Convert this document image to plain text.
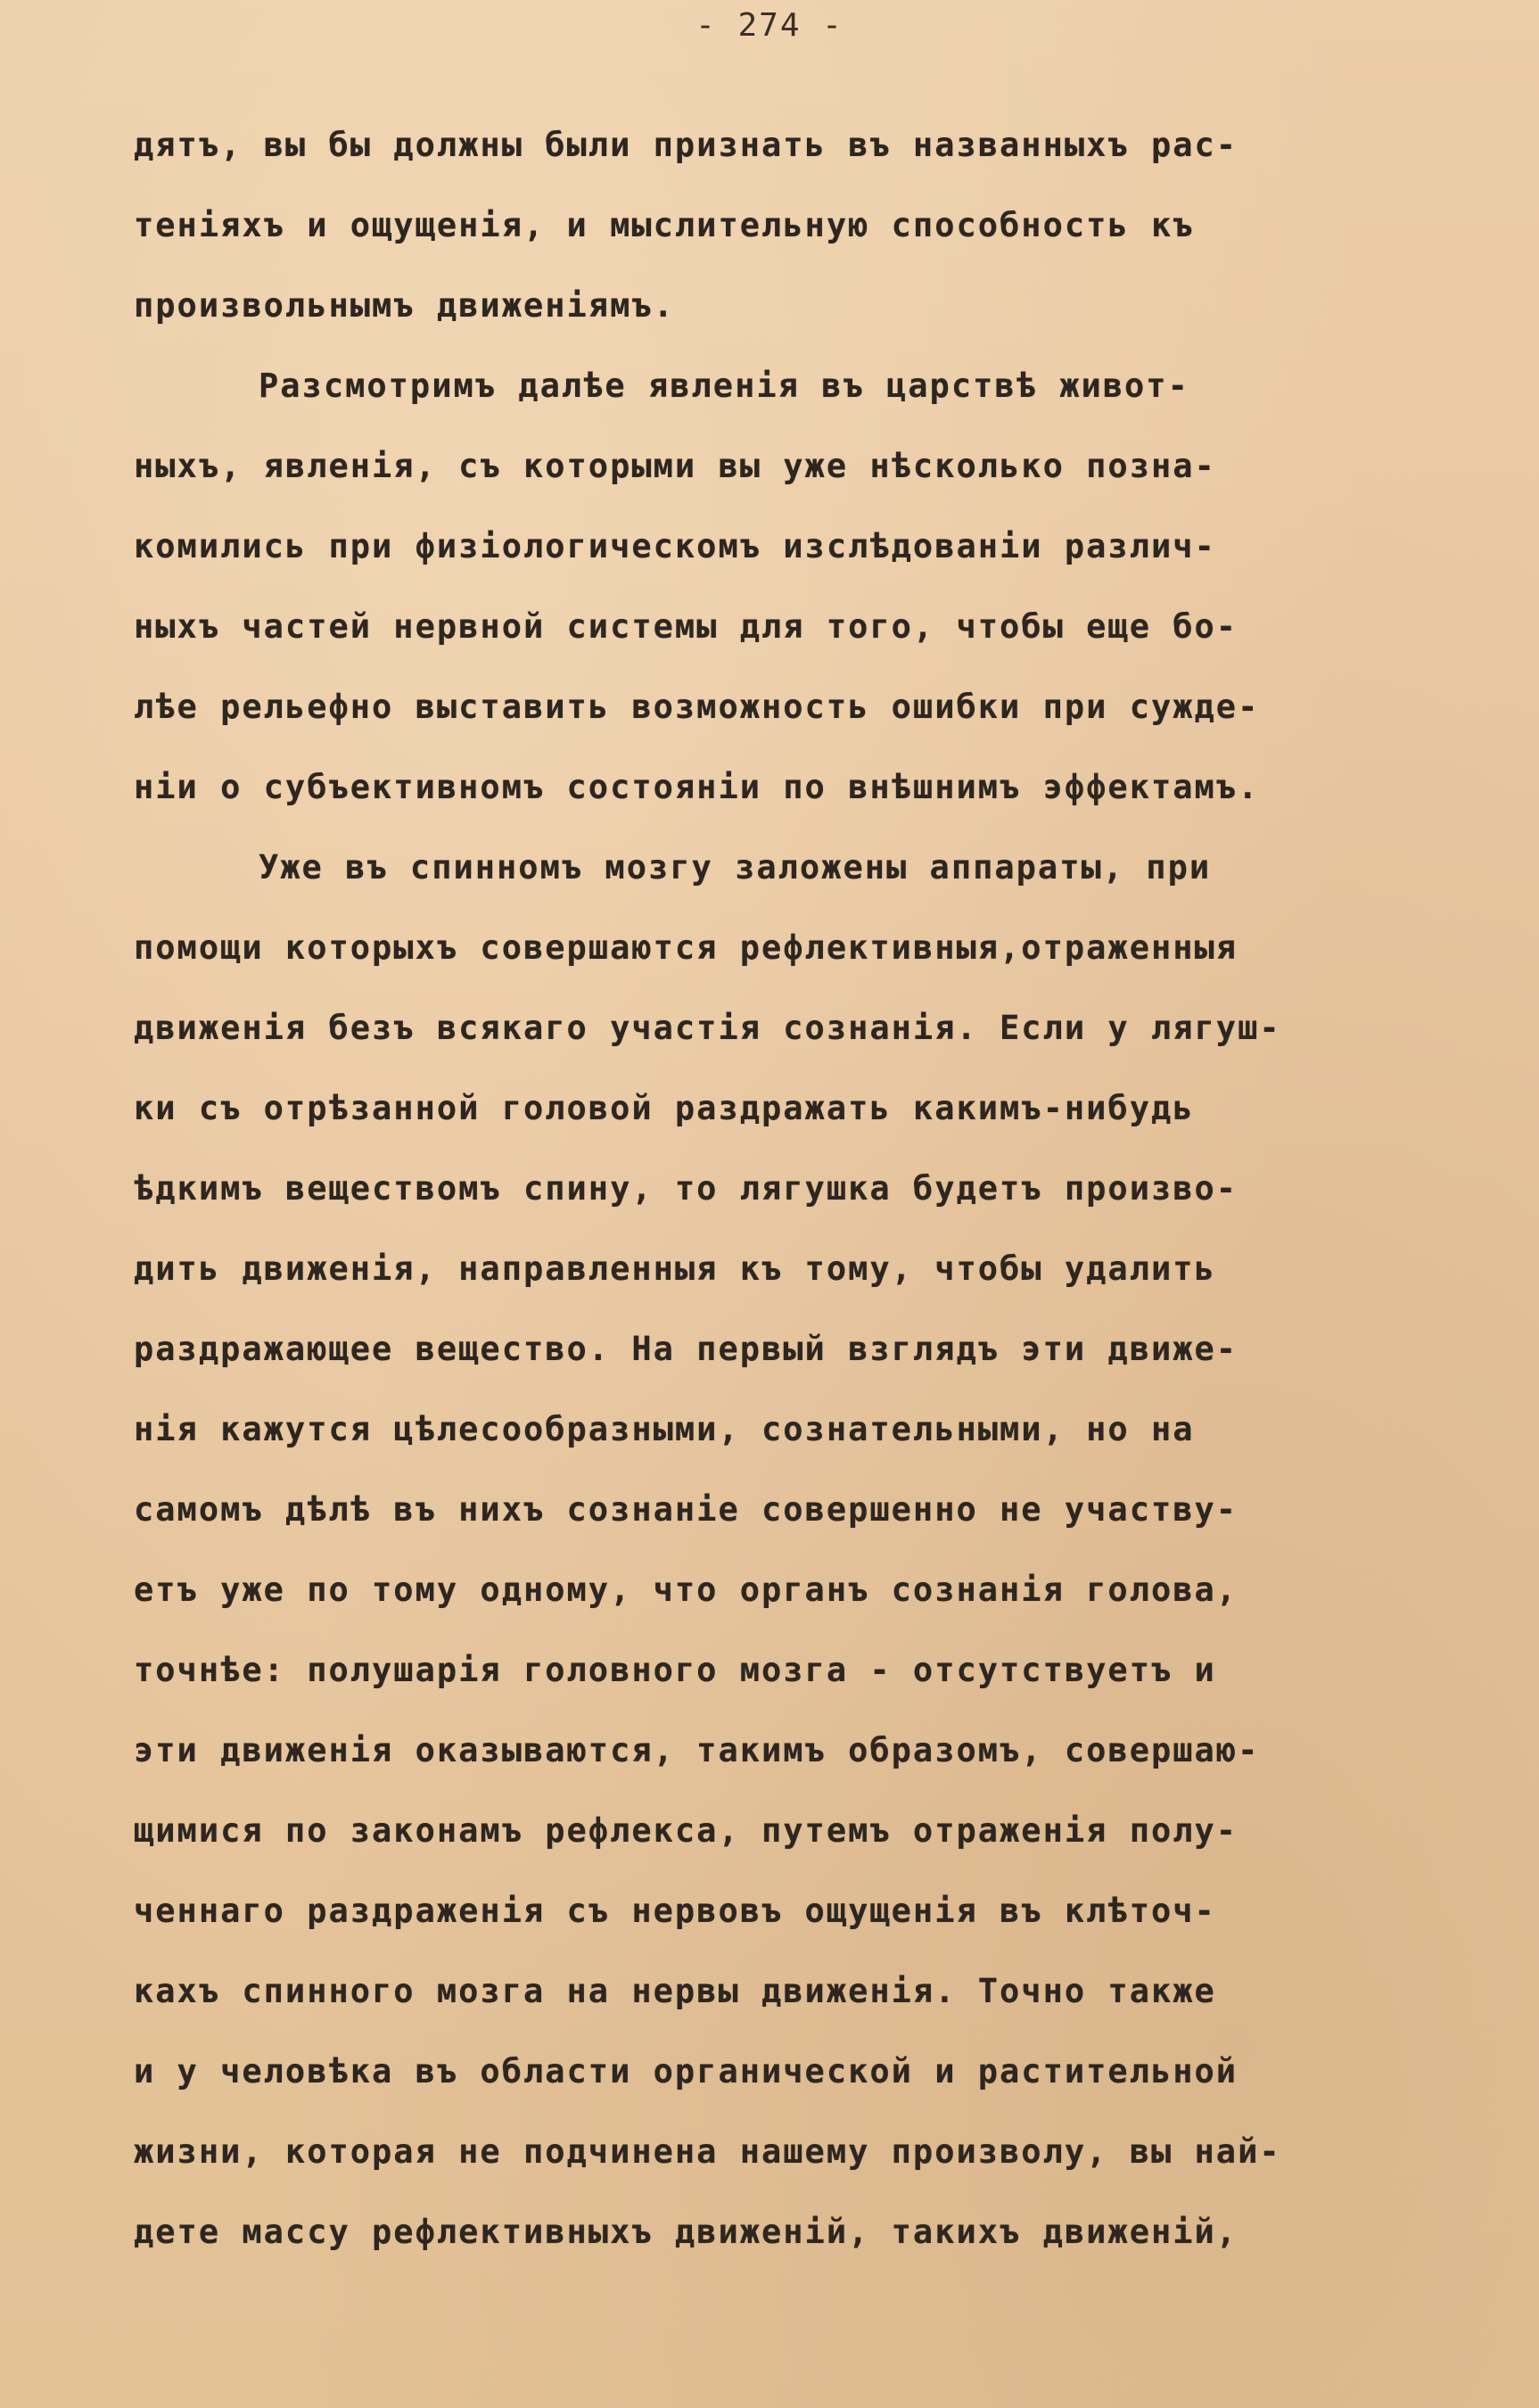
- 274 -
дятъ, вы бы должны были признать въ названныхъ рас-
теніяхъ и ощущенія, и мыслительную способность къ
произвольнымъ движеніямъ.
Разсмотримъ далѣе явленія въ царствѣ живот-
ныхъ, явленія, съ которыми вы уже нѣсколько позна-
комились при физіологическомъ изслѣдованіи различ-
ныхъ частей нервной системы для того, чтобы еще бо-
лѣе рельефно выставить возможность ошибки при сужде-
ніи о субъективномъ состояніи по внѣшнимъ эффектамъ.
Уже въ спинномъ мозгу заложены аппараты, при
помощи которыхъ совершаются рефлективныя,отраженныя
движенія безъ всякаго участія сознанія. Если у лягуш-
ки съ отрѣзанной головой раздражать какимъ-нибудь
ѣдкимъ веществомъ спину, то лягушка будетъ произво-
дить движенія, направленныя къ тому, чтобы удалить
раздражающее вещество. На первый взглядъ эти движе-
нія кажутся цѣлесообразными, сознательными, но на
самомъ дѣлѣ въ нихъ сознаніе совершенно не участву-
етъ уже по тому одному, что органъ сознанія голова,
точнѣе: полушарія головного мозга - отсутствуетъ и
эти движенія оказываются, такимъ образомъ, совершаю-
щимися по законамъ рефлекса, путемъ отраженія полу-
ченнаго раздраженія съ нервовъ ощущенія въ клѣточ-
кахъ спинного мозга на нервы движенія. Точно также
и у человѣка въ области органической и растительной
жизни, которая не подчинена нашему произволу, вы най-
дете массу рефлективныхъ движеній, такихъ движеній,
